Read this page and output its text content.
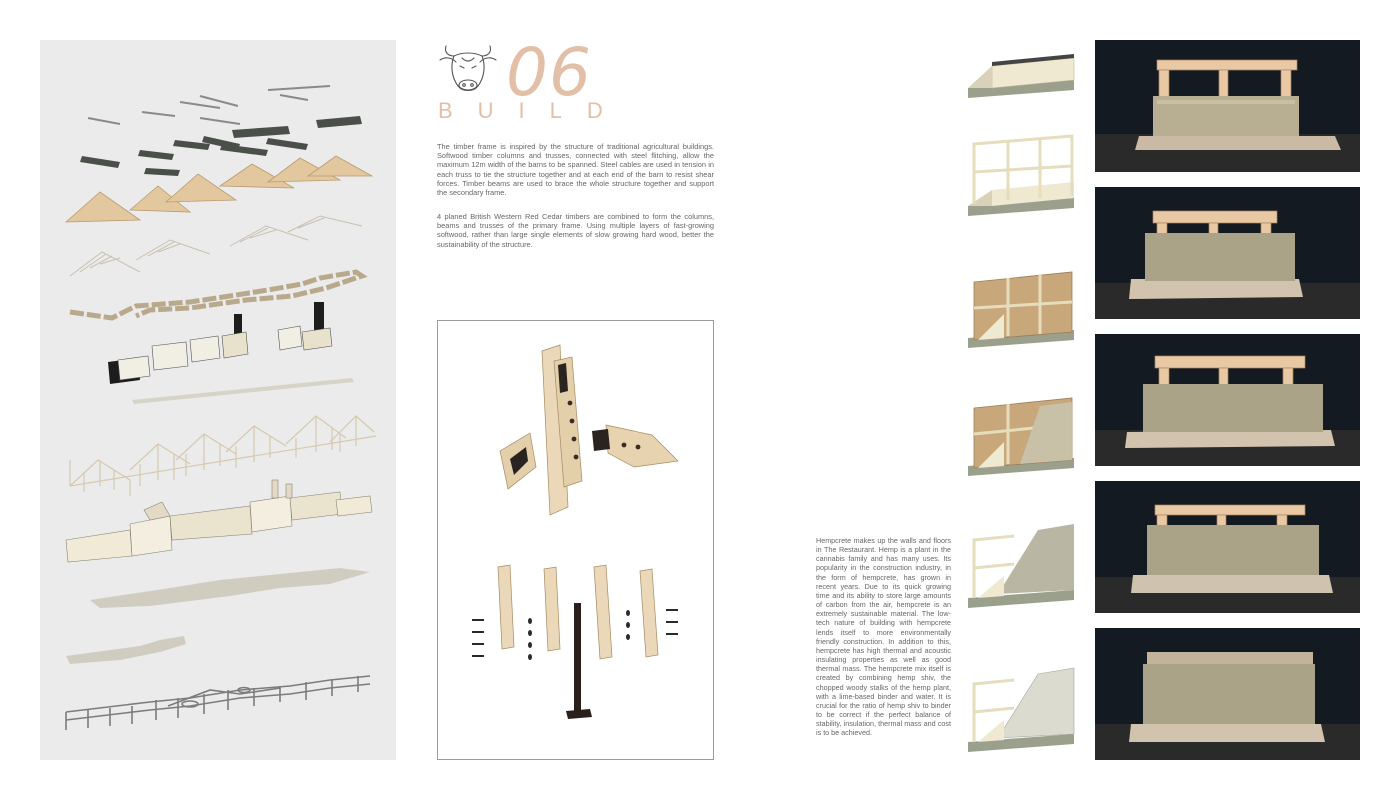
06
BUILD

The timber frame is inspired by the structure of traditional agricultural buildings. Softwood timber columns and trusses, connected with steel flitching, allow the maximum 12m width of the barns to be spanned. Steel cables are used in tension in each truss to tie the structure together and at each end of the barn to resist shear forces. Timber beams are used to brace the whole structure together and support the secondary frame.

4 planed British Western Red Cedar timbers are combined to form the columns, beams and trusses of the primary frame. Using multiple layers of fast-growing softwood, rather than large single elements of slow growing hard wood, better the sustainability of the structure.

Hempcrete makes up the walls and floors in The Restaurant. Hemp is a plant in the cannabis family and has many uses. Its popularity in the construction industry, in the form of hempcrete, has grown in recent years. Due to its quick growing time and its ability to store large amounts of carbon from the air, hempcrete is an extremely sustainable material. The low-tech nature of building with hempcrete lends itself to more environmentally friendly construction. In addition to this, hempcrete has high thermal and acoustic insulating properties as well as good thermal mass. The hempcrete mix itself is created by combining hemp shiv, the chopped woody stalks of the hemp plant, with a lime-based binder and water. It is crucial for the ratio of hemp shiv to binder to be correct if the perfect balance of stability, insulation, thermal mass and cost is to be achieved.
